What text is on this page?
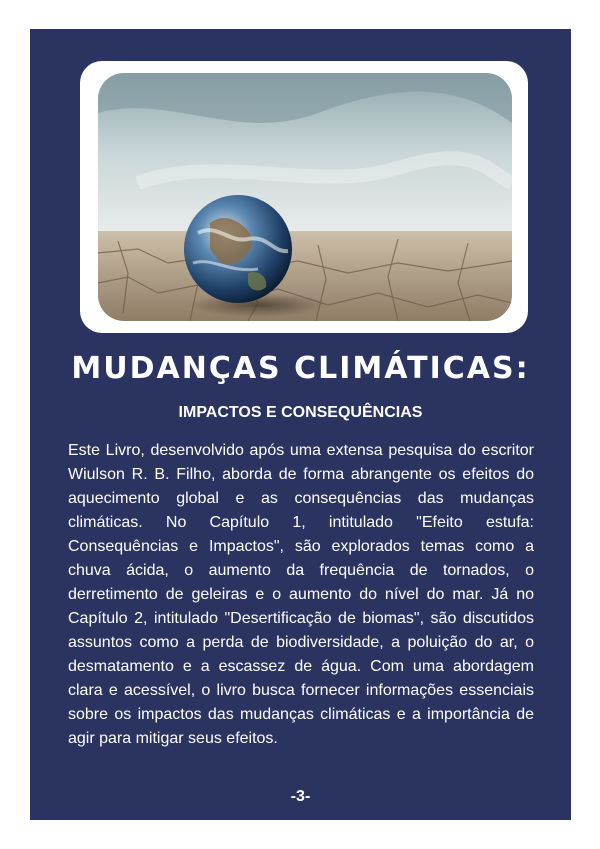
MUDANÇAS CLIMÁTICAS:
IMPACTOS E CONSEQUÊNCIAS

Este Livro, desenvolvido após uma extensa pesquisa do escritor Wiulson R. B. Filho, aborda de forma abrangente os efeitos do aquecimento global e as consequências das mudanças climáticas. No Capítulo 1, intitulado "Efeito estufa: Consequências e Impactos", são explorados temas como a chuva ácida, o aumento da frequência de tornados, o derretimento de geleiras e o aumento do nível do mar. Já no Capítulo 2, intitulado "Desertificação de biomas", são discutidos assuntos como a perda de biodiversidade, a poluição do ar, o desmatamento e a escassez de água. Com uma abordagem clara e acessível, o livro busca fornecer informações essenciais sobre os impactos das mudanças climáticas e a importância de agir para mitigar seus efeitos.

-3-
